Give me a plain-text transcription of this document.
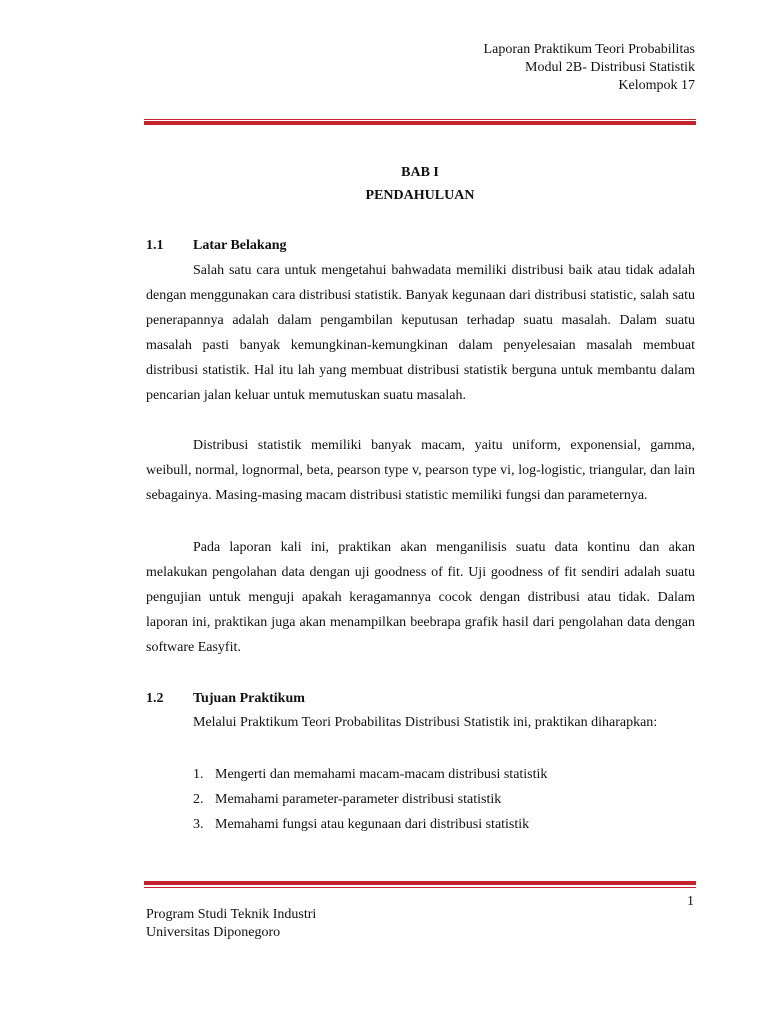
Laporan Praktikum Teori Probabilitas
Modul 2B- Distribusi Statistik
Kelompok 17
BAB I
PENDAHULUAN
1.1 Latar Belakang

Salah satu cara untuk mengetahui bahwadata memiliki distribusi baik atau tidak adalah dengan menggunakan cara distribusi statistik. Banyak kegunaan dari distribusi statistic, salah satu penerapannya adalah dalam pengambilan keputusan terhadap suatu masalah. Dalam suatu masalah pasti banyak kemungkinan-kemungkinan dalam penyelesaian masalah membuat distribusi statistik. Hal itu lah yang membuat distribusi statistik berguna untuk membantu dalam pencarian jalan keluar untuk memutuskan suatu masalah.

Distribusi statistik memiliki banyak macam, yaitu uniform, exponensial, gamma, weibull, normal, lognormal, beta, pearson type v, pearson type vi, log-logistic, triangular, dan lain sebagainya. Masing-masing macam distribusi statistic memiliki fungsi dan parameternya.

Pada laporan kali ini, praktikan akan menganilisis suatu data kontinu dan akan melakukan pengolahan data dengan uji goodness of fit. Uji goodness of fit sendiri adalah suatu pengujian untuk menguji apakah keragamannya cocok dengan distribusi atau tidak. Dalam laporan ini, praktikan juga akan menampilkan beebrapa grafik hasil dari pengolahan data dengan software Easyfit.

1.2 Tujuan Praktikum

Melalui Praktikum Teori Probabilitas Distribusi Statistik ini, praktikan diharapkan:

1. Mengerti dan memahami macam-macam distribusi statistik
2. Memahami parameter-parameter distribusi statistik
3. Memahami fungsi atau kegunaan dari distribusi statistik
1
Program Studi Teknik Industri
Universitas Diponegoro
